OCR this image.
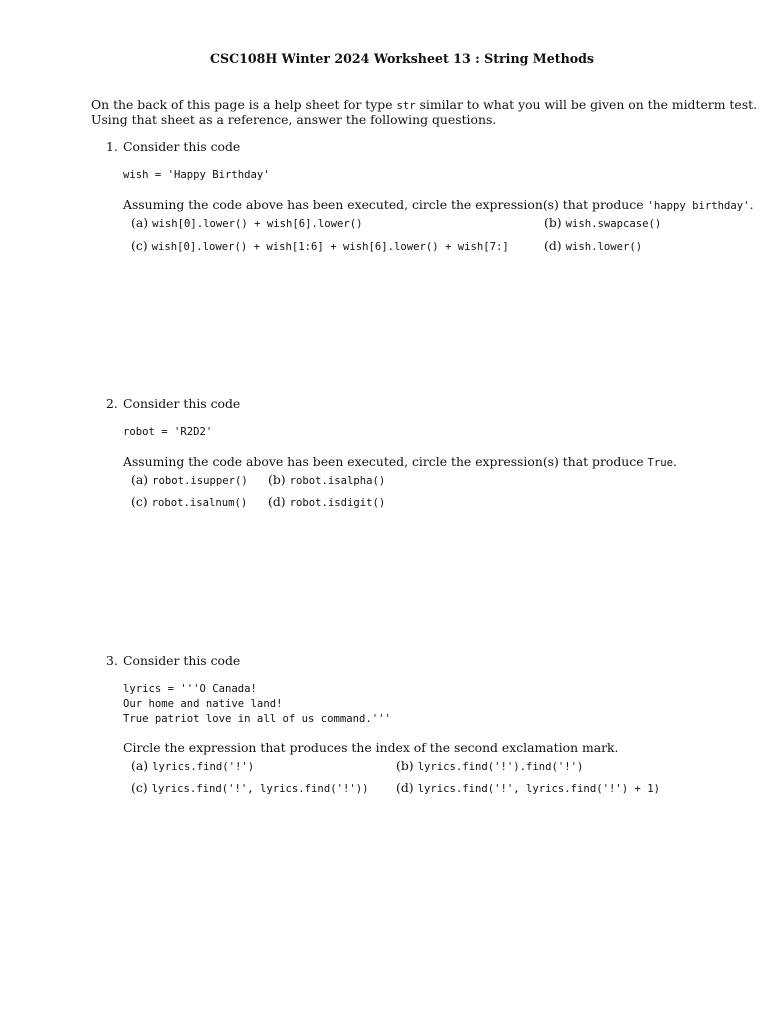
CSC108H Winter 2024 Worksheet 13 : String Methods
On the back of this page is a help sheet for type str similar to what you will be given on the midterm test.
Using that sheet as a reference, answer the following questions.
1. Consider this code
wish = 'Happy Birthday'
Assuming the code above has been executed, circle the expression(s) that produce 'happy birthday'.
(a) wish[0].lower() + wish[6].lower()	(b) wish.swapcase()
(c) wish[0].lower() + wish[1:6] + wish[6].lower() + wish[7:]	(d) wish.lower()
2. Consider this code
robot = 'R2D2'
Assuming the code above has been executed, circle the expression(s) that produce True.
(a) robot.isupper() (b) robot.isalpha()
(c) robot.isalnum() (d) robot.isdigit()
3. Consider this code
lyrics = '''O Canada!
Our home and native land!
True patriot love in all of us command.'''
Circle the expression that produces the index of the second exclamation mark.
(a) lyrics.find('!')	(b) lyrics.find('!').find('!')
(c) lyrics.find('!', lyrics.find('!')) (d) lyrics.find('!', lyrics.find('!') + 1)
